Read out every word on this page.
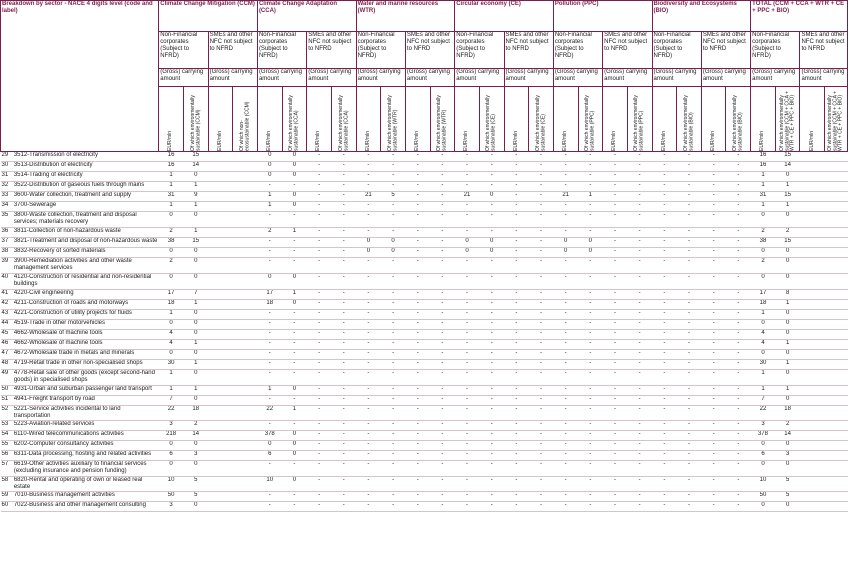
Breakdown by sector - NACE 4 digits level (code and label)		Climate Change Mitigation (CCM)				Climate Change Adaptation (CCA)				Water and marine resources (WTR)				Circular economy (CE)				Pollution (PPC)				Biodiversity and Ecosystems (BIO)				TOTAL (CCM + CCA + WTR + CE + PPC + BIO)			
		Non-Financial corporates (Subject to NFRD)		SMEs and other NFC not subject to NFRD		Non-Financial corporates (Subject to NFRD)		SMEs and other NFC not subject to NFRD		Non-Financial corporates (Subject to NFRD)		SMEs and other NFC not subject to NFRD		Non-Financial corporates (Subject to NFRD)		SMEs and other NFC not subject to NFRD		Non-Financial corporates (Subject to NFRD)		SMEs and other NFC not subject to NFRD		Non-Financial corporates (Subject to NFRD)		SMEs and other NFC not subject to NFRD		Non-Financial corporates (Subject to NFRD)		SMEs and other NFC not subject to NFRD	
		(Gross) carrying amount		(Gross) carrying amount		(Gross) carrying amount		(Gross) carrying amount		(Gross) carrying amount		(Gross) carrying amount		(Gross) carrying amount		(Gross) carrying amount		(Gross) carrying amount		(Gross) carrying amount		(Gross) carrying amount		(Gross) carrying amount		(Gross) carrying amount		(Gross) carrying amount	

		EUR/mln	Of which environmentally sustainable (CCM)	EUR/mln	Of which non-ecosustainable (CCM)	EUR/mln	Of which environmentally sustainable (CCA)	EUR/mln	Of which environmentally sustainable (CCA)	EUR/mln	Of which environmentally sustainable (WTR)	EUR/mln	Of which environmentally sustainable (WTR)	EUR/mln	Of which environmentally sustainable (CE)	EUR/mln	Of which environmentally sustainable (CE)	EUR/mln	Of which environmentally sustainable (PPC)	EUR/mln	Of which environmentally sustainable (PPC)	EUR/mln	Of which environmentally sustainable (BIO)	EUR/mln	Of which environmentally sustainable (BIO)	EUR/mln	Of which environmentally sustainable (CCM + CCA + WTR + CE + PPC + BIO)	EUR/mln	Of which environmentally sustainable (CCM + CCA + WTR + CE + PPC + BIO)

29	3512-Transmission of electricity	16	15			0	0	-	-	-	-	-	-	-	-	-	-	-	-	-	-	-	-	-	-	16	15		
30	3513-Distribution of electricity	16	14			0	0	-	-	-	-	-	-	-	-	-	-	-	-	-	-	-	-	-	-	16	14		
31	3514-Trading of electricity	1	0			0	0	-	-	-	-	-	-	-	-	-	-	-	-	-	-	-	-	-	-	1	0		
32	3522-Distribution of gaseous fuels through mains	1	1			-	-	-	-	-	-	-	-	-	-	-	-	-	-	-	-	-	-	-	-	1	1		
33	3600-Water collection, treatment and supply	31	9			1	0	-	-	21	5	-	-	21	0	-	-	21	1	-	-	-	-	-	-	31	15		
34	3700-Sewerage	1	1			1	0	-	-	-	-	-	-	-	-	-	-	-	-	-	-	-	-	-	-	1	1		
35	3800-Waste collection, treatment and disposal services; materials recovery	0	0			-	-	-	-	-	-	-	-	-	-	-	-	-	-	-	-	-	-	-	-	0	0		
36	3811-Collection of non-hazardous waste	2	1			2	1	-	-	-	-	-	-	-	-	-	-	-	-	-	-	-	-	-	-	2	2		
37	3821-Treatment and disposal of non-hazardous waste	38	15			-	-	-	-	0	0	-	-	0	0	-	-	0	0	-	-	-	-	-	-	38	15		
38	3832-Recovery of sorted materials	0	0			-	-	-	-	0	0	-	-	0	0	-	-	0	0	-	-	-	-	-	-	0	0		
39	3900-Remediation activities and other waste management services	2	0			-	-	-	-	-	-	-	-	-	-	-	-	-	-	-	-	-	-	-	-	2	0		
40	4120-Construction of residential and non-residential buildings	0	0			0	0	-	-	-	-	-	-	-	-	-	-	-	-	-	-	-	-	-	-	0	0		
41	4220-Civil engineering	17	7			17	1	-	-	-	-	-	-	-	-	-	-	-	-	-	-	-	-	-	-	17	8		
42	4211-Construction of roads and motorways	18	1			18	0	-	-	-	-	-	-	-	-	-	-	-	-	-	-	-	-	-	-	18	1		
43	4221-Construction of utility projects for fluids	1	0			-	-	-	-	-	-	-	-	-	-	-	-	-	-	-	-	-	-	-	-	1	0		
44	4519-Trade in other motorvehicles	0	0			-	-	-	-	-	-	-	-	-	-	-	-	-	-	-	-	-	-	-	-	0	0		
45	4662-Wholesale of machine tools	4	0			-	-	-	-	-	-	-	-	-	-	-	-	-	-	-	-	-	-	-	-	4	0		
46	4662-Wholesale of machine tools	4	1			-	-	-	-	-	-	-	-	-	-	-	-	-	-	-	-	-	-	-	-	4	1		
47	4672-Wholesale trade in metals and minerals	0	0			-	-	-	-	-	-	-	-	-	-	-	-	-	-	-	-	-	-	-	-	0	0		
48	4719-Retail trade in other non-specialised shops	30	1			-	-	-	-	-	-	-	-	-	-	-	-	-	-	-	-	-	-	-	-	30	1		
49	4778-Retail sale of other goods (except second-hand goods) in specialised shops	1	0			-	-	-	-	-	-	-	-	-	-	-	-	-	-	-	-	-	-	-	-	1	0		
50	4931-Urban and suburban passenger land transport	1	1			1	0	-	-	-	-	-	-	-	-	-	-	-	-	-	-	-	-	-	-	1	1		
51	4941-Freight transport by road	7	0			-	-	-	-	-	-	-	-	-	-	-	-	-	-	-	-	-	-	-	-	7	0		
52	5221-Service activities incidental to land transportation	22	18			22	1	-	-	-	-	-	-	-	-	-	-	-	-	-	-	-	-	-	-	22	18		
53	5223-Aviation-related services	3	2			-	-	-	-	-	-	-	-	-	-	-	-	-	-	-	-	-	-	-	-	3	2		
54	6110-Wired telecommunications activities	218	14			378	0	-	-	-	-	-	-	-	-	-	-	-	-	-	-	-	-	-	-	378	14		
55	6202-Computer consultancy activities	0	0			0	0	-	-	-	-	-	-	-	-	-	-	-	-	-	-	-	-	-	-	0	0		
56	6311-Data processing, hosting and related activities	6	3			6	0	-	-	-	-	-	-	-	-	-	-	-	-	-	-	-	-	-	-	6	3		
57	6619-Other activities auxiliary to financial services (excluding insurance and pension funding)	0	0			-	-	-	-	-	-	-	-	-	-	-	-	-	-	-	-	-	-	-	-	0	0		
58	6820-Rental and operating of own or leased real estate	10	5			10	0	-	-	-	-	-	-	-	-	-	-	-	-	-	-	-	-	-	-	10	5		
59	7010-Business management activities	50	5			-	-	-	-	-	-	-	-	-	-	-	-	-	-	-	-	-	-	-	-	50	5		
60	7022-Business and other management consulting	3	0			-	-	-	-	-	-	-	-	-	-	-	-	-	-	-	-	-	-	-	-	0	0		
